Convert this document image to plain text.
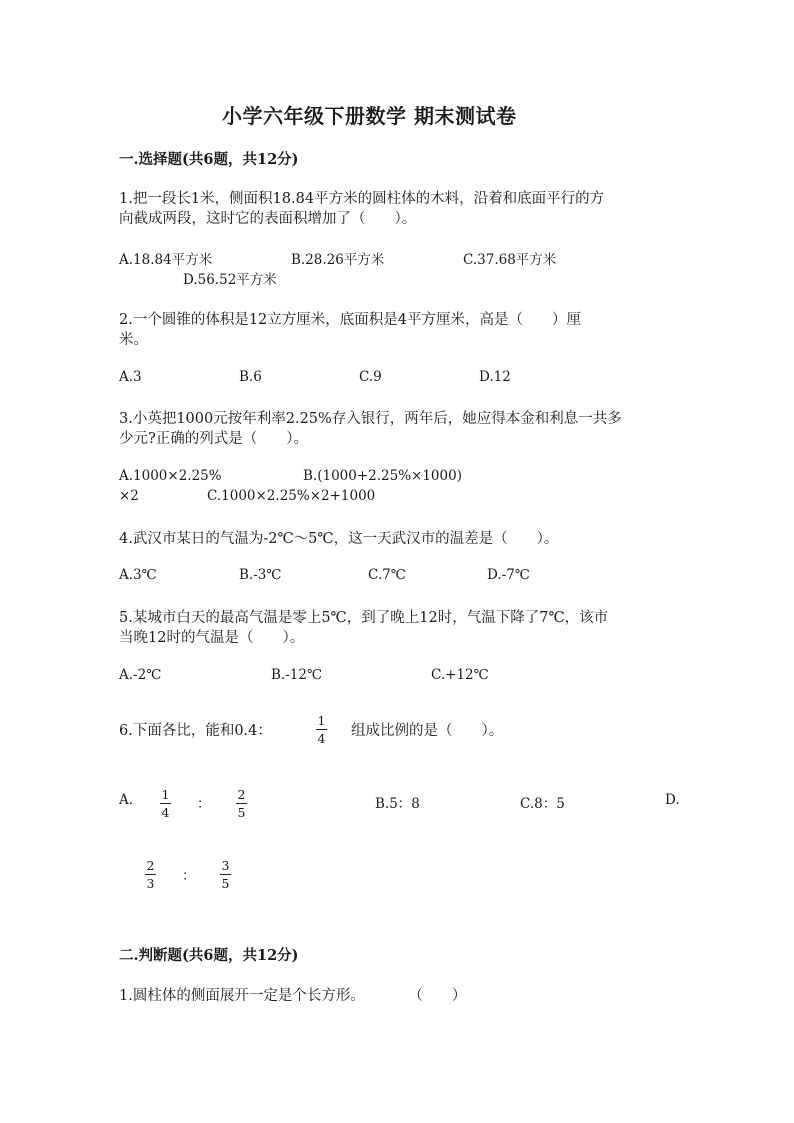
小学六年级下册数学 期末测试卷
一.选择题(共6题，共12分)
1.把一段长1米，侧面积18.84平方米的圆柱体的木料，沿着和底面平行的方
向截成两段，这时它的表面积增加了（　　）。
A.18.84平方米	B.28.26平方米	C.37.68平方米
D.56.52平方米
2.一个圆锥的体积是12立方厘米，底面积是4平方厘米，高是（　　）厘
米。
A.3	B.6	C.9	D.12
3.小英把1000元按年利率2.25%存入银行，两年后，她应得本金和利息一共多
少元?正确的列式是（　　）。
A.1000×2.25%	B.(1000+2.25%×1000)
×2	C.1000×2.25%×2+1000
4.武汉市某日的气温为-2℃～5℃，这一天武汉市的温差是（　　）。
A.3℃	B.-3℃	C.7℃	D.-7℃
5.某城市白天的最高气温是零上5℃，到了晚上12时，气温下降了7℃，该市
当晚12时的气温是（　　）。
A.-2℃	B.-12℃	C.+12℃
6.下面各比，能和0.4：
1
4 组成比例的是（　　）。
A. 1
4
：
2
5
B.5：8	C.8：5	D.
2
3 ：
3
5
二.判断题(共6题，共12分)
1.圆柱体的侧面展开一定是个长方形。　　　　（　　）
